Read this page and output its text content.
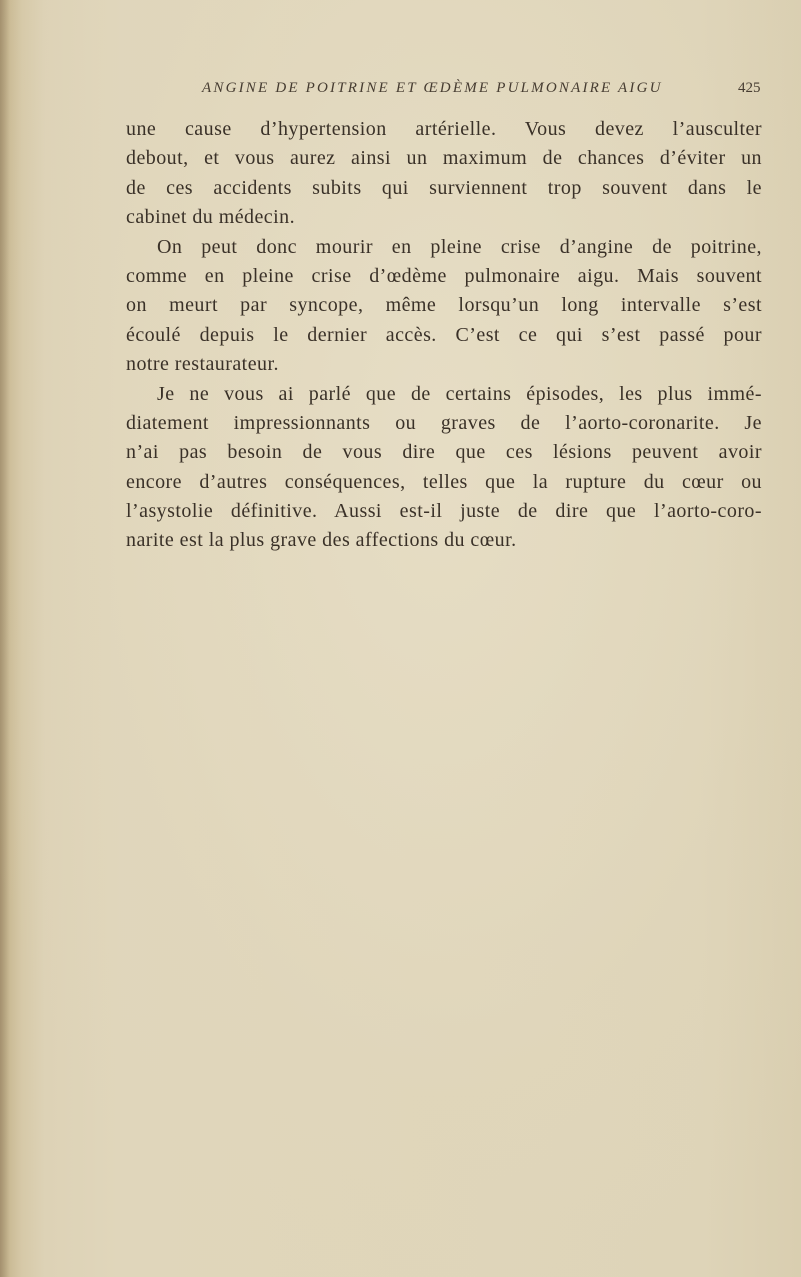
ANGINE DE POITRINE ET ŒDÈME PULMONAIRE AIGU	425
une cause d’hypertension artérielle. Vous devez l’ausculter
debout, et vous aurez ainsi un maximum de chances d’éviter un
de ces accidents subits qui surviennent trop souvent dans le
cabinet du médecin.
On peut donc mourir en pleine crise d’angine de poitrine,
comme en pleine crise d’œdème pulmonaire aigu. Mais souvent
on meurt par syncope, même lorsqu’un long intervalle s’est
écoulé depuis le dernier accès. C’est ce qui s’est passé pour
notre restaurateur.
Je ne vous ai parlé que de certains épisodes, les plus immé-
diatement impressionnants ou graves de l’aorto-coronarite. Je
n’ai pas besoin de vous dire que ces lésions peuvent avoir
encore d’autres conséquences, telles que la rupture du cœur ou
l’asystolie définitive. Aussi est-il juste de dire que l’aorto-coro-
narite est la plus grave des affections du cœur.
